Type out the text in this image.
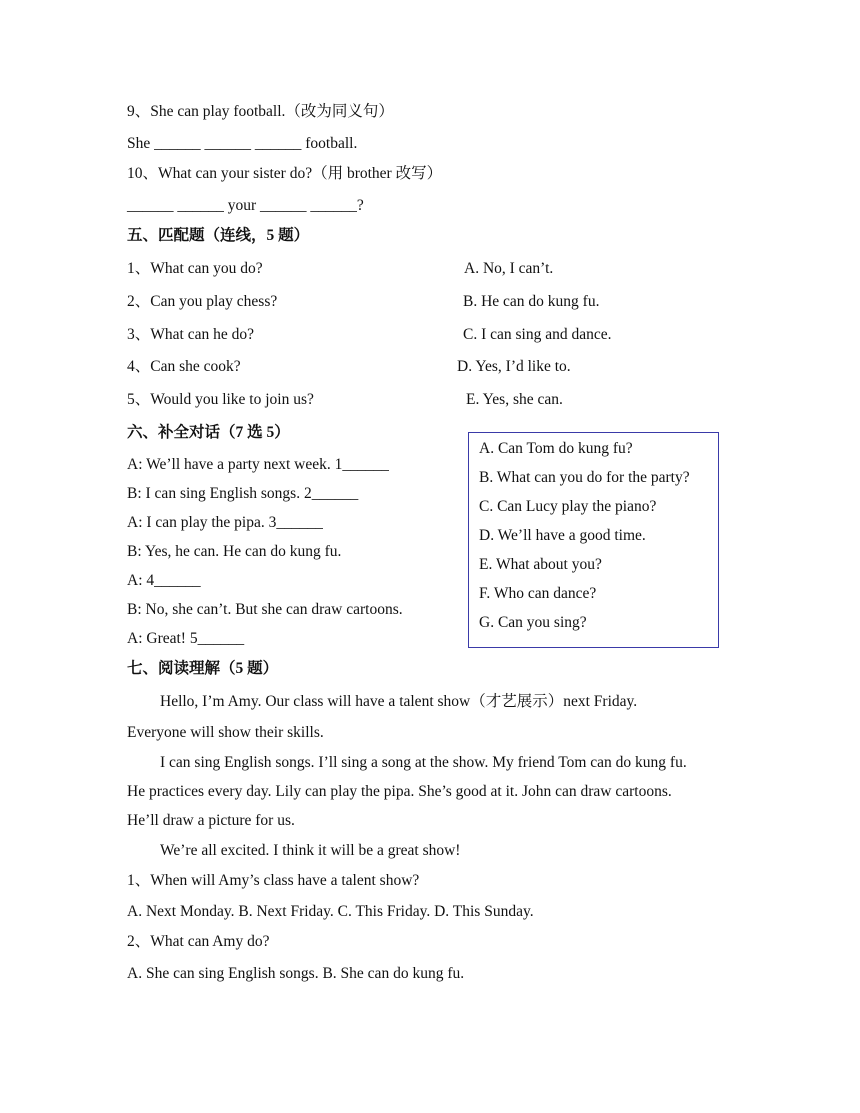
9、She can play football.（改为同义句）
She ______ ______ ______ football.
10、What can your sister do?（用 brother 改写）
______ ______ your ______ ______?
五、匹配题（连线，5 题）
1、What can you do?
2、Can you play chess?
3、What can he do?
4、Can she cook?
5、Would you like to join us?
A. No, I can’t.
B. He can do kung fu.
C. I can sing and dance.
D. Yes, I’d like to.
E. Yes, she can.
六、补全对话（7 选 5）
A: We’ll have a party next week. 1______
B: I can sing English songs. 2______
A: I can play the pipa. 3______
B: Yes, he can. He can do kung fu.
A: 4______
B: No, she can’t. But she can draw cartoons.
A: Great! 5______
A. Can Tom do kung fu?
B. What can you do for the party?
C. Can Lucy play the piano?
D. We’ll have a good time.
E. What about you?
F. Who can dance?
G. Can you sing?
七、阅读理解（5 题）
Hello, I’m Amy. Our class will have a talent show（才艺展示）next Friday.
Everyone will show their skills.
I can sing English songs. I’ll sing a song at the show. My friend Tom can do kung fu.
He practices every day. Lily can play the pipa. She’s good at it. John can draw cartoons.
He’ll draw a picture for us.
We’re all excited. I think it will be a great show!
1、When will Amy’s class have a talent show?
A. Next Monday. B. Next Friday. C. This Friday. D. This Sunday.
2、What can Amy do?
A. She can sing English songs. B. She can do kung fu.
